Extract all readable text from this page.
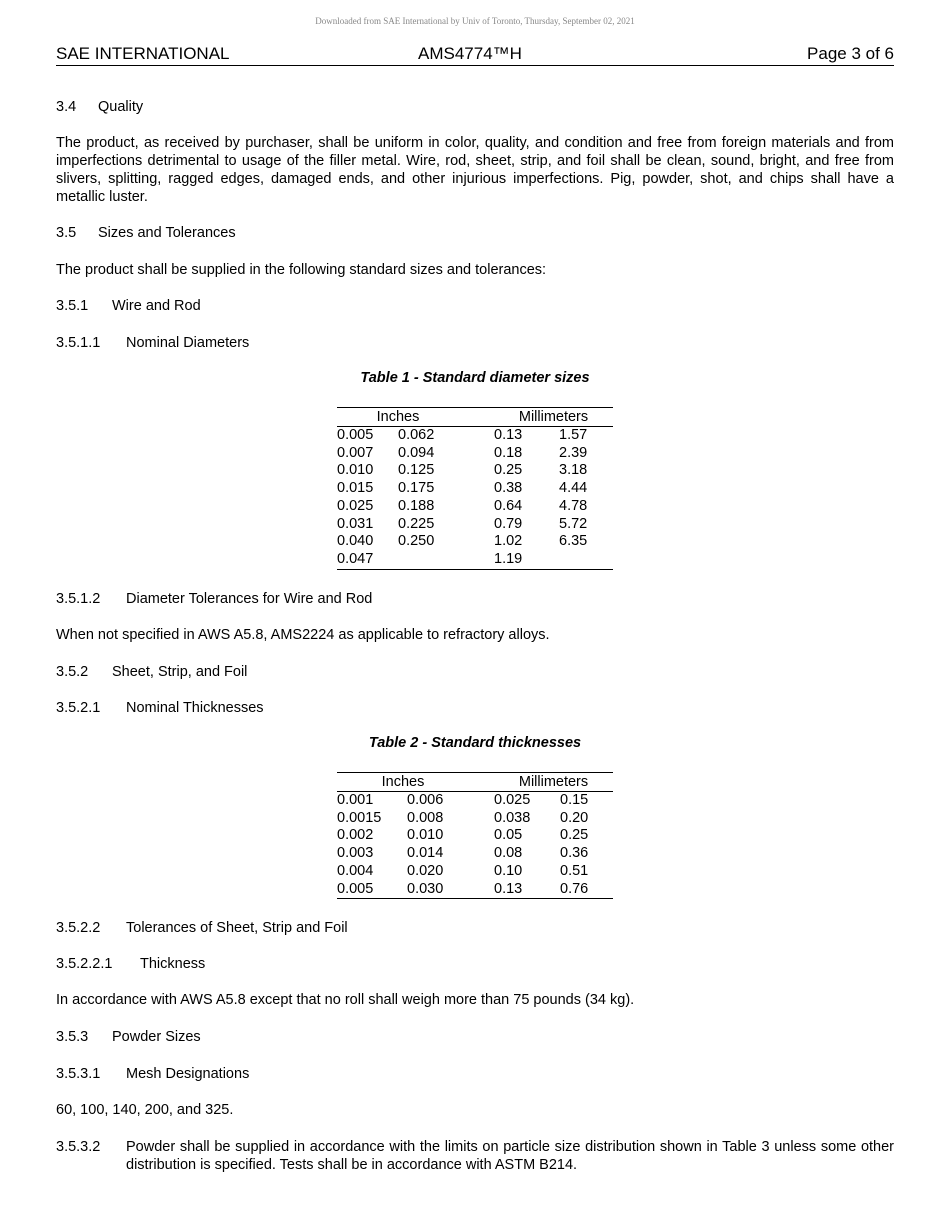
Downloaded from SAE International by Univ of Toronto, Thursday, September 02, 2021
SAE INTERNATIONAL	AMS4774™H	Page 3 of 6
3.4 Quality
The product, as received by purchaser, shall be uniform in color, quality, and condition and free from foreign materials and from imperfections detrimental to usage of the filler metal. Wire, rod, sheet, strip, and foil shall be clean, sound, bright, and free from slivers, splitting, ragged edges, damaged ends, and other injurious imperfections. Pig, powder, shot, and chips shall have a metallic luster.
3.5 Sizes and Tolerances
The product shall be supplied in the following standard sizes and tolerances:
3.5.1 Wire and Rod
3.5.1.1 Nominal Diameters
Table 1 - Standard diameter sizes
Inches			Millimeters	
0.005	0.062		0.13	1.57
0.007	0.094		0.18	2.39
0.010	0.125		0.25	3.18
0.015	0.175		0.38	4.44
0.025	0.188		0.64	4.78
0.031	0.225		0.79	5.72
0.040	0.250		1.02	6.35
0.047			1.19	
3.5.1.2 Diameter Tolerances for Wire and Rod
When not specified in AWS A5.8, AMS2224 as applicable to refractory alloys.
3.5.2 Sheet, Strip, and Foil
3.5.2.1 Nominal Thicknesses
Table 2 - Standard thicknesses
Inches			Millimeters	
0.001	0.006		0.025	0.15
0.0015	0.008		0.038	0.20
0.002	0.010		0.05	0.25
0.003	0.014		0.08	0.36
0.004	0.020		0.10	0.51
0.005	0.030		0.13	0.76
3.5.2.2 Tolerances of Sheet, Strip and Foil
3.5.2.2.1 Thickness
In accordance with AWS A5.8 except that no roll shall weigh more than 75 pounds (34 kg).
3.5.3 Powder Sizes
3.5.3.1 Mesh Designations
60, 100, 140, 200, and 325.
3.5.3.2 Powder shall be supplied in accordance with the limits on particle size distribution shown in Table 3 unless some other distribution is specified. Tests shall be in accordance with ASTM B214.
